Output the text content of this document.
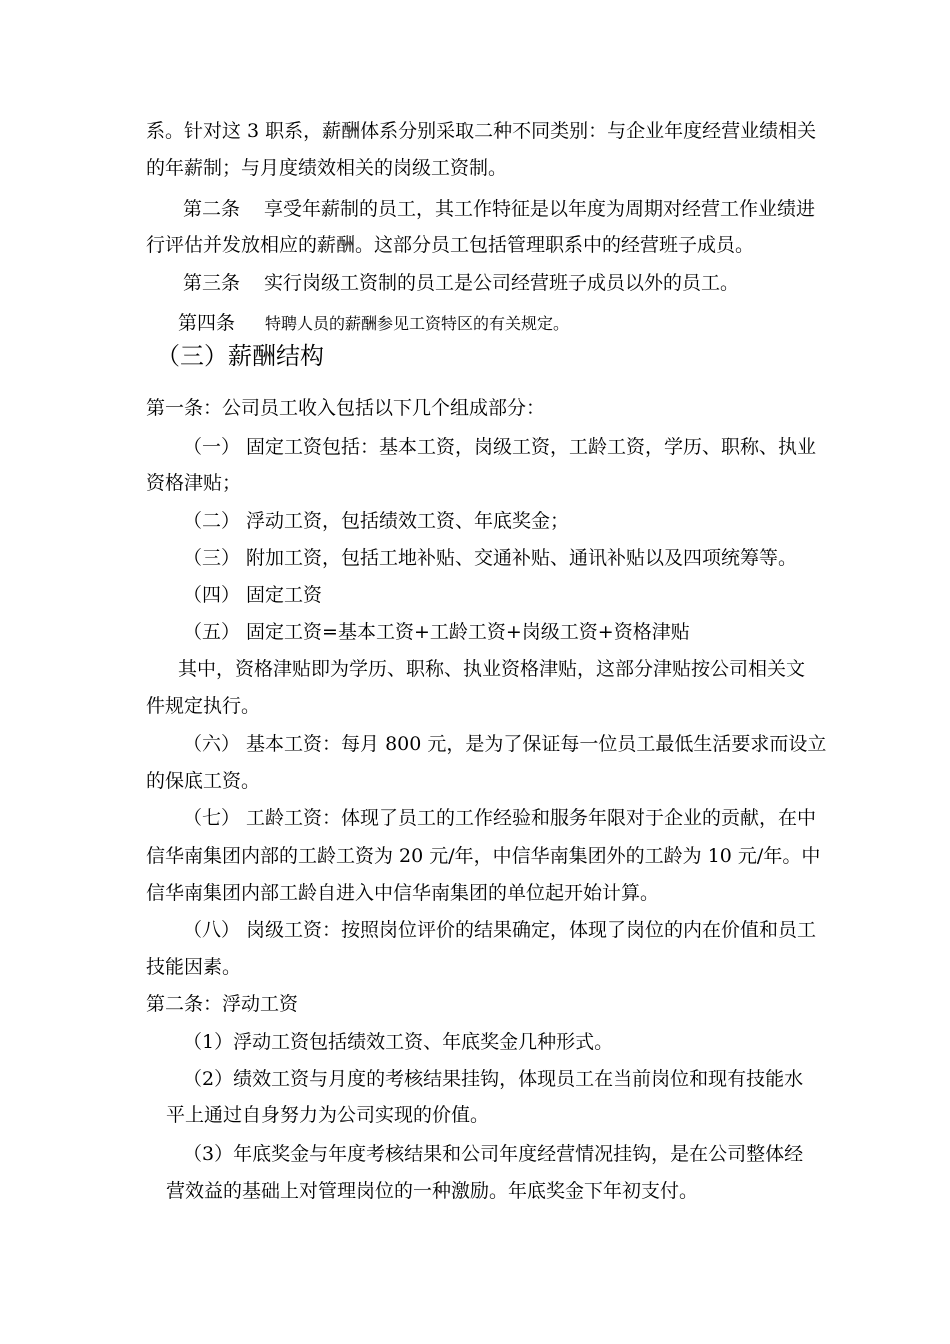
系。针对这 3 职系，薪酬体系分别采取二种不同类别：与企业年度经营业绩相关
的年薪制；与月度绩效相关的岗级工资制。
第二条 享受年薪制的员工，其工作特征是以年度为周期对经营工作业绩进
行评估并发放相应的薪酬。这部分员工包括管理职系中的经营班子成员。
第三条 实行岗级工资制的员工是公司经营班子成员以外的员工。
第四条 特聘人员的薪酬参见工资特区的有关规定。
（三）薪酬结构
第一条：公司员工收入包括以下几个组成部分：
（一） 固定工资包括：基本工资，岗级工资，工龄工资，学历、职称、执业
资格津贴；
（二） 浮动工资，包括绩效工资、年底奖金；
（三） 附加工资，包括工地补贴、交通补贴、通讯补贴以及四项统筹等。
（四） 固定工资
（五） 固定工资=基本工资+工龄工资+岗级工资+资格津贴
其中，资格津贴即为学历、职称、执业资格津贴，这部分津贴按公司相关文
件规定执行。
（六） 基本工资：每月 800 元，是为了保证每一位员工最低生活要求而设立
的保底工资。
（七） 工龄工资：体现了员工的工作经验和服务年限对于企业的贡献，在中
信华南集团内部的工龄工资为 20 元/年，中信华南集团外的工龄为 10 元/年。中
信华南集团内部工龄自进入中信华南集团的单位起开始计算。
（八） 岗级工资：按照岗位评价的结果确定，体现了岗位的内在价值和员工
技能因素。
第二条：浮动工资
（1）浮动工资包括绩效工资、年底奖金几种形式。
（2）绩效工资与月度的考核结果挂钩，体现员工在当前岗位和现有技能水
平上通过自身努力为公司实现的价值。
（3）年底奖金与年度考核结果和公司年度经营情况挂钩，是在公司整体经
营效益的基础上对管理岗位的一种激励。年底奖金下年初支付。
